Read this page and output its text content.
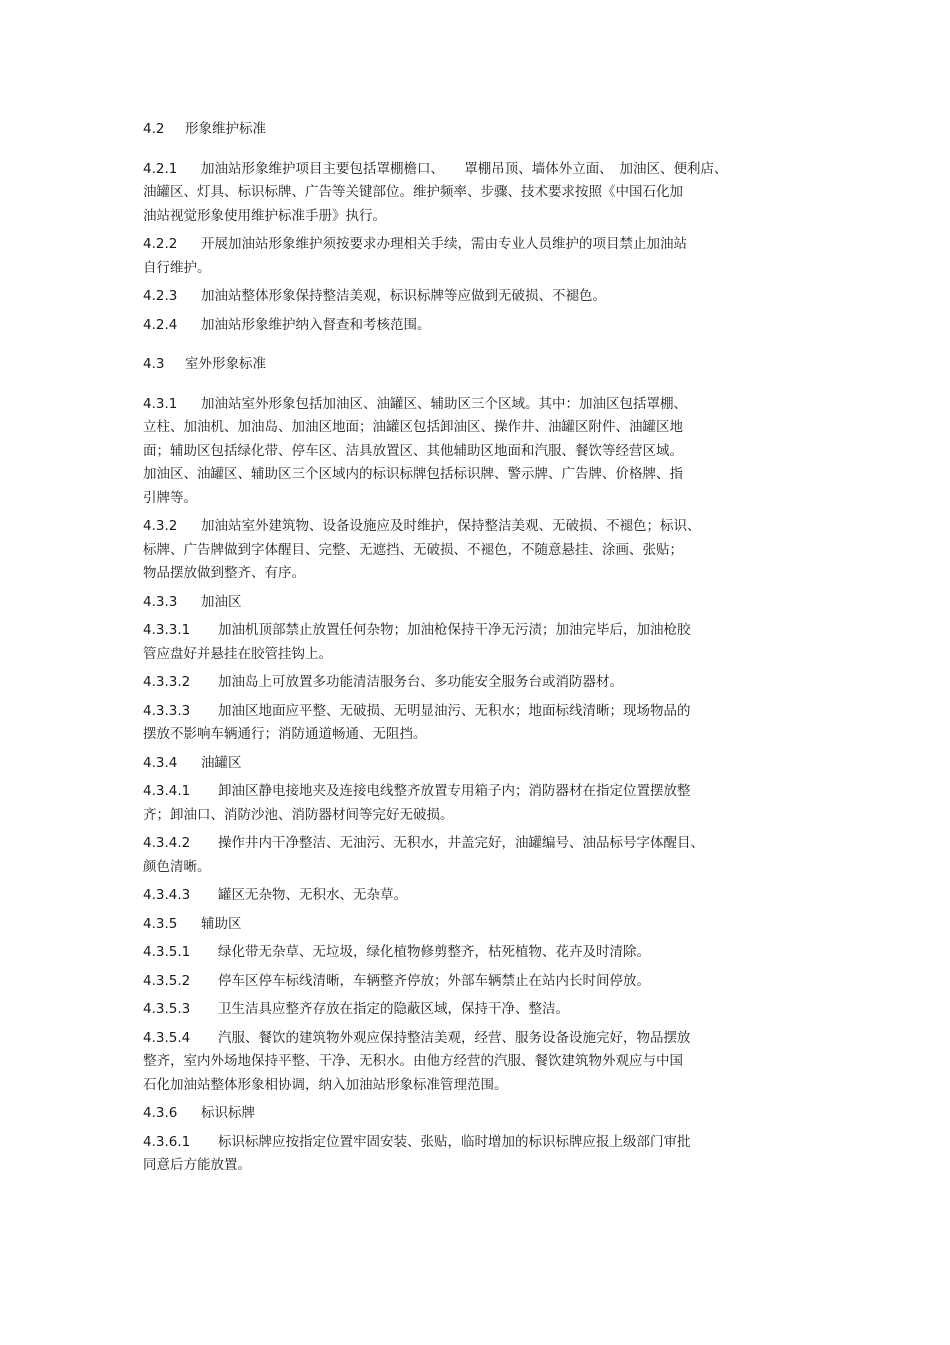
4.2 形象维护标准
4.2.1 加油站形象维护项目主要包括罩棚檐口、　　罩棚吊顶、墙体外立面、　加油区、便利店、
油罐区、灯具、标识标牌、广告等关键部位。维护频率、步骤、技术要求按照《中国石化加
油站视觉形象使用维护标准手册》执行。
4.2.2 开展加油站形象维护须按要求办理相关手续，需由专业人员维护的项目禁止加油站
自行维护。
4.2.3 加油站整体形象保持整洁美观，标识标牌等应做到无破损、不褪色。
4.2.4 加油站形象维护纳入督查和考核范围。
4.3 室外形象标准
4.3.1 加油站室外形象包括加油区、油罐区、辅助区三个区域。其中：加油区包括罩棚、
立柱、加油机、加油岛、加油区地面；油罐区包括卸油区、操作井、油罐区附件、油罐区地
面；辅助区包括绿化带、停车区、洁具放置区、其他辅助区地面和汽服、餐饮等经营区域。
加油区、油罐区、辅助区三个区域内的标识标牌包括标识牌、警示牌、广告牌、价格牌、指
引牌等。
4.3.2 加油站室外建筑物、设备设施应及时维护，保持整洁美观、无破损、不褪色；标识、
标牌、广告牌做到字体醒目、完整、无遮挡、无破损、不褪色，不随意悬挂、涂画、张贴；
物品摆放做到整齐、有序。
4.3.3 加油区
4.3.3.1 加油机顶部禁止放置任何杂物；加油枪保持干净无污渍；加油完毕后，加油枪胶
管应盘好并悬挂在胶管挂钩上。
4.3.3.2 加油岛上可放置多功能清洁服务台、多功能安全服务台或消防器材。
4.3.3.3 加油区地面应平整、无破损、无明显油污、无积水；地面标线清晰；现场物品的
摆放不影响车辆通行；消防通道畅通、无阻挡。
4.3.4 油罐区
4.3.4.1 卸油区静电接地夹及连接电线整齐放置专用箱子内；消防器材在指定位置摆放整
齐；卸油口、消防沙池、消防器材间等完好无破损。
4.3.4.2 操作井内干净整洁、无油污、无积水，井盖完好，油罐编号、油品标号字体醒目、
颜色清晰。
4.3.4.3 罐区无杂物、无积水、无杂草。
4.3.5 辅助区
4.3.5.1 绿化带无杂草、无垃圾，绿化植物修剪整齐，枯死植物、花卉及时清除。
4.3.5.2 停车区停车标线清晰，车辆整齐停放；外部车辆禁止在站内长时间停放。
4.3.5.3 卫生洁具应整齐存放在指定的隐蔽区域，保持干净、整洁。
4.3.5.4 汽服、餐饮的建筑物外观应保持整洁美观，经营、服务设备设施完好，物品摆放
整齐，室内外场地保持平整、干净、无积水。由他方经营的汽服、餐饮建筑物外观应与中国
石化加油站整体形象相协调，纳入加油站形象标准管理范围。
4.3.6 标识标牌
4.3.6.1 标识标牌应按指定位置牢固安装、张贴，临时增加的标识标牌应报上级部门审批
同意后方能放置。
